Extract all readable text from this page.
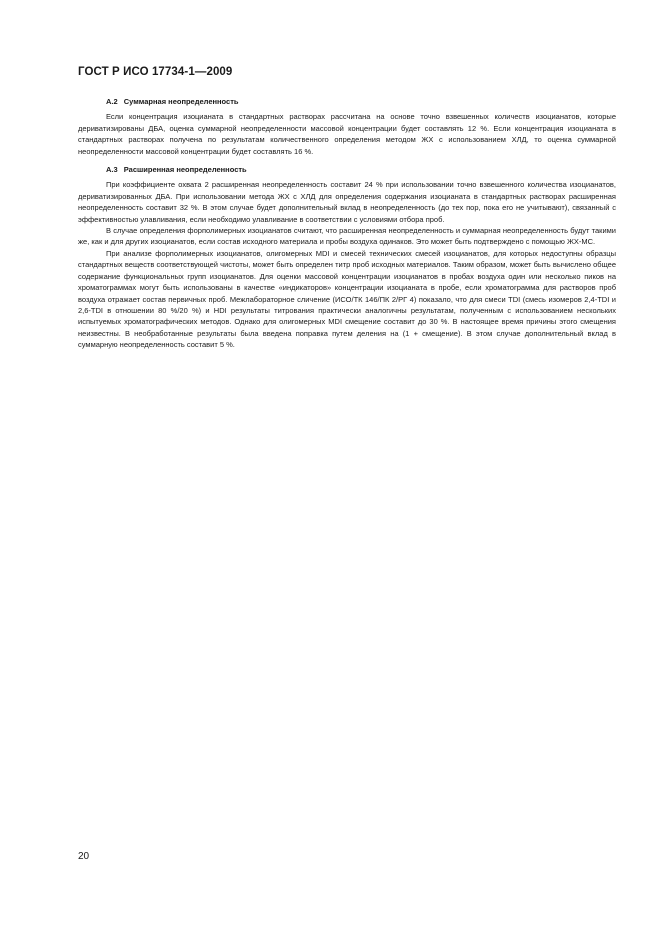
ГОСТ Р ИСО 17734-1—2009

А.2 Суммарная неопределенность

Если концентрация изоцианата в стандартных растворах рассчитана на основе точно взвешенных количеств изоцианатов, которые дериватизированы ДБА, оценка суммарной неопределенности массовой концентрации будет составлять 12 %. Если концентрация изоцианата в стандартных растворах получена по результатам количественного определения методом ЖХ с использованием ХЛД, то оценка суммарной неопределенности массовой концентрации будет составлять 16 %.

А.3 Расширенная неопределенность

При коэффициенте охвата 2 расширенная неопределенность составит 24 % при использовании точно взвешенного количества изоцианатов, дериватизированных ДБА. При использовании метода ЖХ с ХЛД для определения содержания изоцианата в стандартных растворах расширенная неопределенность составит 32 %. В этом случае будет дополнительный вклад в неопределенность (до тех пор, пока его не учитывают), связанный с эффективностью улавливания, если необходимо улавливание в соответствии с условиями отбора проб.

В случае определения форполимерных изоцианатов считают, что расширенная неопределенность и суммарная неопределенность будут такими же, как и для других изоцианатов, если состав исходного материала и пробы воздуха одинаков. Это может быть подтверждено с помощью ЖХ-МС.

При анализе форполимерных изоцианатов, олигомерных MDI и смесей технических смесей изоцианатов, для которых недоступны образцы стандартных веществ соответствующей чистоты, может быть определен титр проб исходных материалов. Таким образом, может быть вычислено общее содержание функциональных групп изоцианатов. Для оценки массовой концентрации изоцианатов в пробах воздуха один или несколько пиков на хроматограммах могут быть использованы в качестве «индикаторов» концентрации изоцианата в пробе, если хроматограмма для растворов проб воздуха отражает состав первичных проб. Межлабораторное сличение (ИСО/ТК 146/ПК 2/РГ 4) показало, что для смеси TDI (смесь изомеров 2,4-TDI и 2,6-TDI в отношении 80 %/20 %) и HDI результаты титрования практически аналогичны результатам, полученным с использованием нескольких испытуемых хроматографических методов. Однако для олигомерных MDI смещение составит до 30 %. В настоящее время причины этого смещения неизвестны. В необработанные результаты была введена поправка путем деления на (1 + смещение). В этом случае дополнительный вклад в суммарную неопределенность составит 5 %.

20
